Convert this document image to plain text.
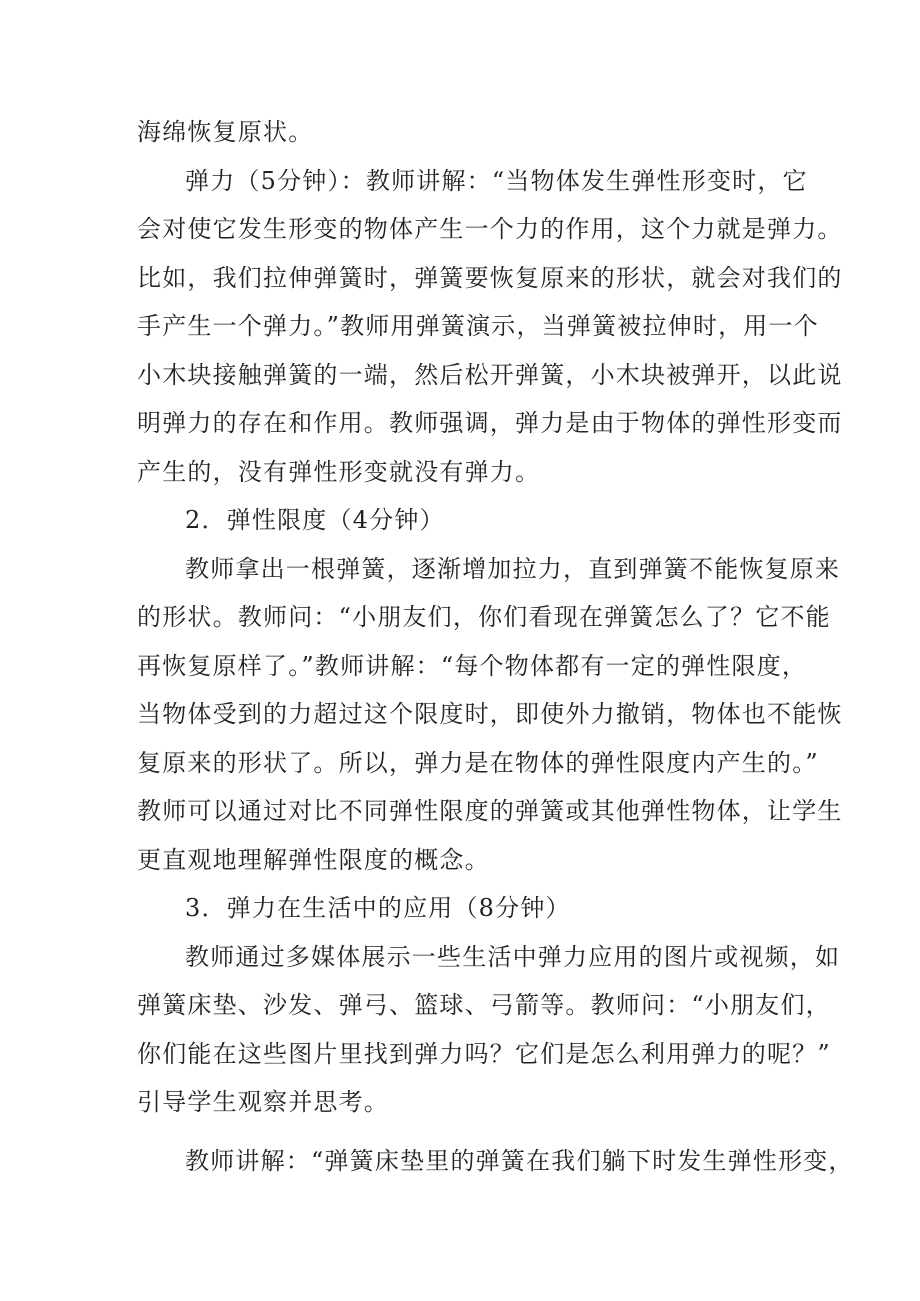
海绵恢复原状。
弹力（5分钟）：教师讲解：“当物体发生弹性形变时，它
会对使它发生形变的物体产生一个力的作用，这个力就是弹力。
比如，我们拉伸弹簧时，弹簧要恢复原来的形状，就会对我们的
手产生一个弹力。”教师用弹簧演示，当弹簧被拉伸时，用一个
小木块接触弹簧的一端，然后松开弹簧，小木块被弹开，以此说
明弹力的存在和作用。教师强调，弹力是由于物体的弹性形变而
产生的，没有弹性形变就没有弹力。
2．弹性限度（4分钟）
教师拿出一根弹簧，逐渐增加拉力，直到弹簧不能恢复原来
的形状。教师问：“小朋友们，你们看现在弹簧怎么了？它不能
再恢复原样了。”教师讲解：“每个物体都有一定的弹性限度，
当物体受到的力超过这个限度时，即使外力撤销，物体也不能恢
复原来的形状了。所以，弹力是在物体的弹性限度内产生的。”
教师可以通过对比不同弹性限度的弹簧或其他弹性物体，让学生
更直观地理解弹性限度的概念。
3．弹力在生活中的应用（8分钟）
教师通过多媒体展示一些生活中弹力应用的图片或视频，如
弹簧床垫、沙发、弹弓、篮球、弓箭等。教师问：“小朋友们，
你们能在这些图片里找到弹力吗？它们是怎么利用弹力的呢？”
引导学生观察并思考。
教师讲解：“弹簧床垫里的弹簧在我们躺下时发生弹性形变，
